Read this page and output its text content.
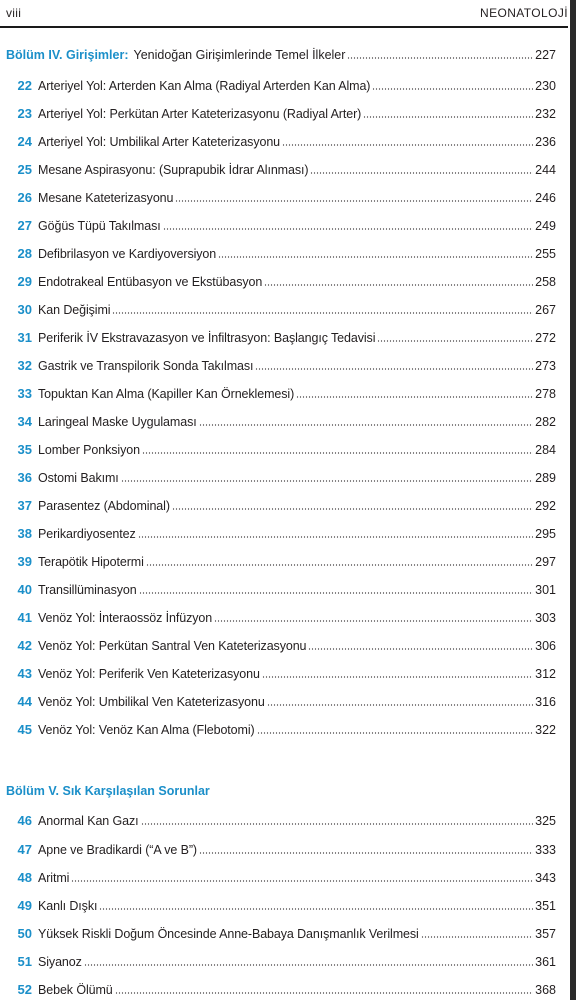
viii	NEONATOLOJİ
Bölüm IV. Girişimler: Yenidoğan Girişimlerinde Temel İlkeler	227
22 Arteriyel Yol: Arterden Kan Alma (Radiyal Arterden Kan Alma)	230
23 Arteriyel Yol: Perkütan Arter Kateterizasyonu (Radiyal Arter)	232
24 Arteriyel Yol: Umbilikal Arter Kateterizasyonu	236
25 Mesane Aspirasyonu: (Suprapubik İdrar Alınması)	244
26 Mesane Kateterizasyonu	246
27 Göğüs Tüpü Takılması	249
28 Defibrilasyon ve Kardiyoversiyon	255
29 Endotrakeal Entübasyon ve Ekstübasyon	258
30 Kan Değişimi	267
31 Periferik İV Ekstravazasyon ve İnfiltrasyon: Başlangıç Tedavisi	272
32 Gastrik ve Transpilorik Sonda Takılması	273
33 Topuktan Kan Alma (Kapiller Kan Örneklemesi)	278
34 Laringeal Maske Uygulaması	282
35 Lomber Ponksiyon	284
36 Ostomi Bakımı	289
37 Parasentez (Abdominal)	292
38 Perikardiyosentez	295
39 Terapötik Hipotermi	297
40 Transillüminasyon	301
41 Venöz Yol: İnteraossöz İnfüzyon	303
42 Venöz Yol: Perkütan Santral Ven Kateterizasyonu	306
43 Venöz Yol: Periferik Ven Kateterizasyonu	312
44 Venöz Yol: Umbilikal Ven Kateterizasyonu	316
45 Venöz Yol: Venöz Kan Alma (Flebotomi)	322
Bölüm V. Sık Karşılaşılan Sorunlar
46 Anormal Kan Gazı	325
47 Apne ve Bradikardi (“A ve B”)	333
48 Aritmi	343
49 Kanlı Dışkı	351
50 Yüksek Riskli Doğum Öncesinde Anne-Babaya Danışmanlık Verilmesi	357
51 Siyanoz	361
52 Bebek Ölümü	368
